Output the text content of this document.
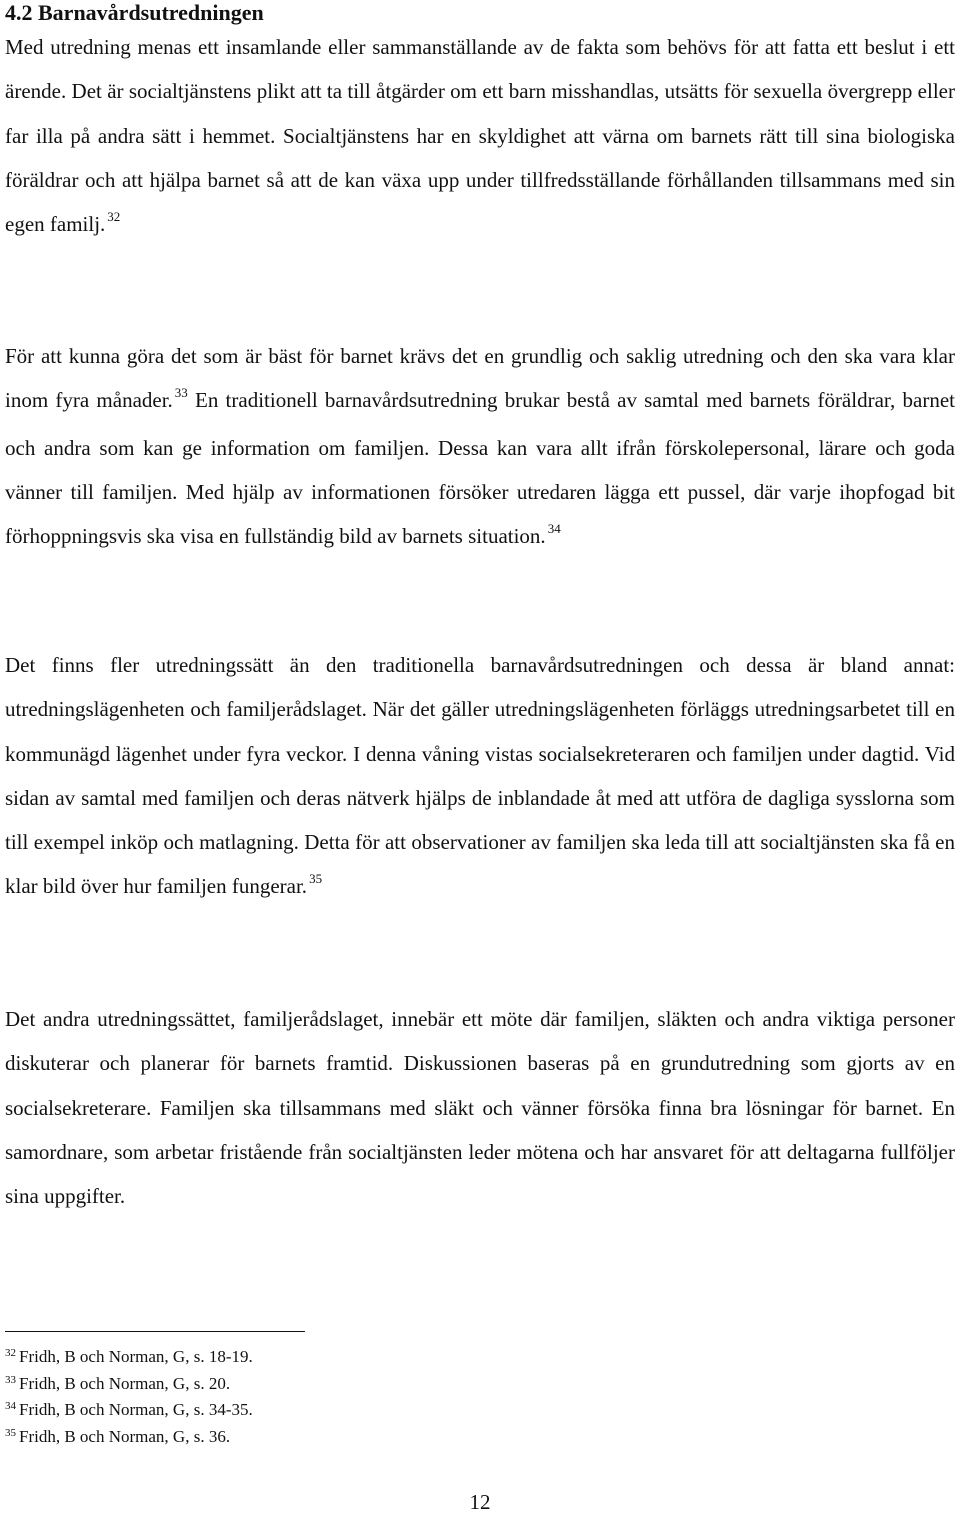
4.2 Barnavårdsutredningen

Med utredning menas ett insamlande eller sammanställande av de fakta som behövs för att fatta ett beslut i ett ärende. Det är socialtjänstens plikt att ta till åtgärder om ett barn misshandlas, utsätts för sexuella övergrepp eller far illa på andra sätt i hemmet. Socialtjänstens har en skyldighet att värna om barnets rätt till sina biologiska föräldrar och att hjälpa barnet så att de kan växa upp under tillfredsställande förhållanden tillsammans med sin egen familj. $^{32}$

För att kunna göra det som är bäst för barnet krävs det en grundlig och saklig utredning och den ska vara klar inom fyra månader. $^{33}$ En traditionell barnavårdsutredning brukar bestå av samtal med barnets föräldrar, barnet och andra som kan ge information om familjen. Dessa kan vara allt ifrån förskolepersonal, lärare och goda vänner till familjen. Med hjälp av informationen försöker utredaren lägga ett pussel, där varje ihopfogad bit förhoppningsvis ska visa en fullständig bild av barnets situation. $^{34}$

Det finns fler utredningssätt än den traditionella barnavårdsutredningen och dessa är bland annat: utredningslägenheten och familjerådslaget. När det gäller utredningslägenheten förläggs utredningsarbetet till en kommunägd lägenhet under fyra veckor. I denna våning vistas socialsekreteraren och familjen under dagtid. Vid sidan av samtal med familjen och deras nätverk hjälps de inblandade åt med att utföra de dagliga sysslorna som till exempel inköp och matlagning. Detta för att observationer av familjen ska leda till att socialtjänsten ska få en klar bild över hur familjen fungerar. $^{35}$

Det andra utredningssättet, familjerådslaget, innebär ett möte där familjen, släkten och andra viktiga personer diskuterar och planerar för barnets framtid. Diskussionen baseras på en grundutredning som gjorts av en socialsekreterare. Familjen ska tillsammans med släkt och vänner försöka finna bra lösningar för barnet. En samordnare, som arbetar fristående från socialtjänsten leder mötena och har ansvaret för att deltagarna fullföljer sina uppgifter.

$^{32}$ Fridh, B och Norman, G, s. 18-19.
$^{33}$ Fridh, B och Norman, G, s. 20.
$^{34}$ Fridh, B och Norman, G, s. 34-35.
$^{35}$ Fridh, B och Norman, G, s. 36.
12
